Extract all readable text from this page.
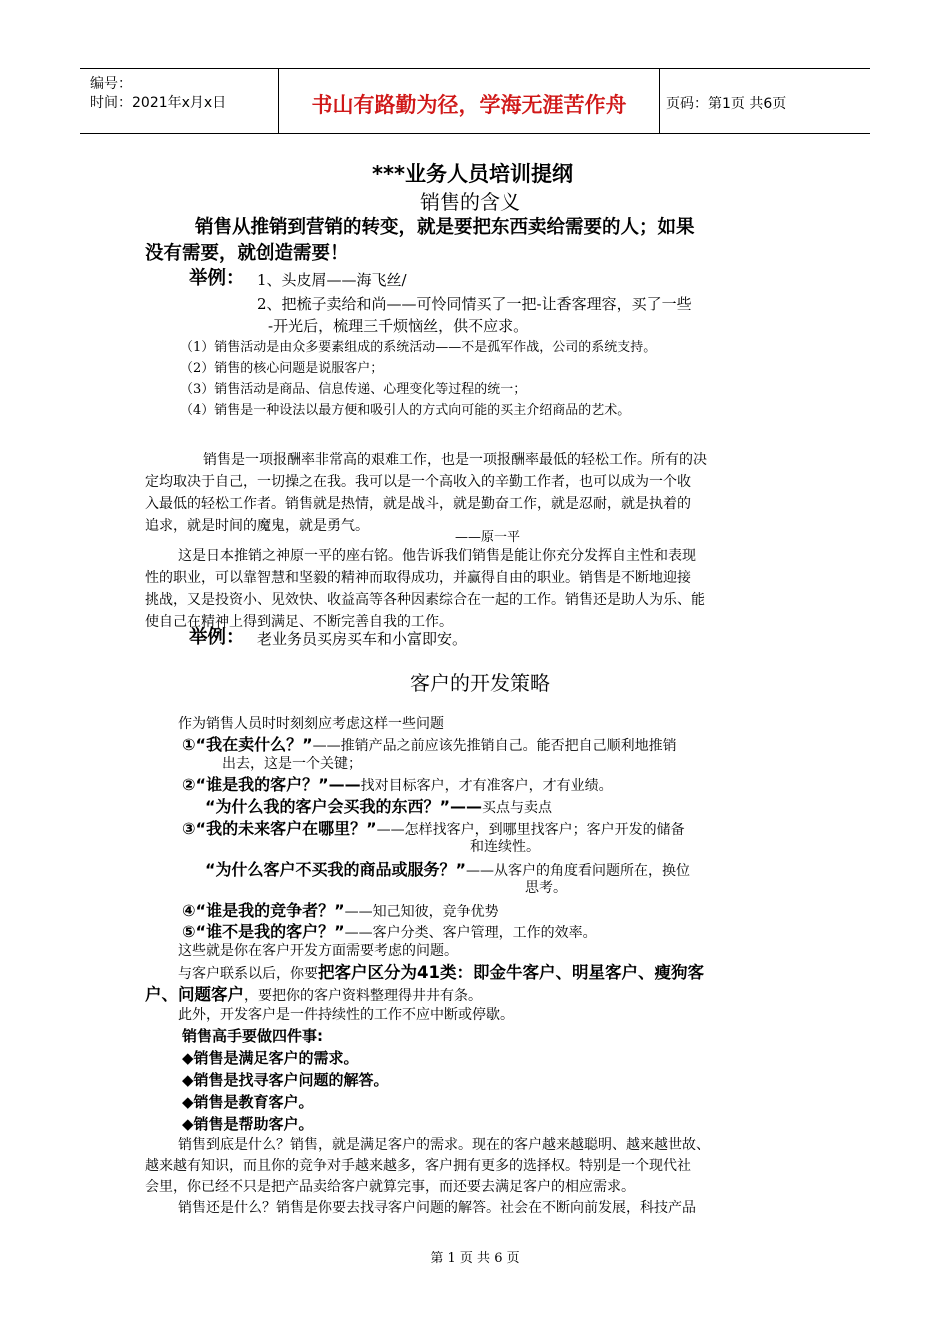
编号：
时间：2021年x月x日	书山有路勤为径，学海无涯苦作舟	页码：第1页 共6页
***业务人员培训提纲
销售的含义
销售从推销到营销的转变，就是要把东西卖给需要的人；如果
没有需要，就创造需要！
举例： 1、头皮屑——海飞丝/
2、把梳子卖给和尚——可怜同情买了一把-让香客理容，买了一些
-开光后，梳理三千烦恼丝，供不应求。
（1）销售活动是由众多要素组成的系统活动——不是孤军作战，公司的系统支持。
（2）销售的核心问题是说服客户；
（3）销售活动是商品、信息传递、心理变化等过程的统一；
（4）销售是一种设法以最方便和吸引人的方式向可能的买主介绍商品的艺术。
销售是一项报酬率非常高的艰难工作，也是一项报酬率最低的轻松工作。所有的决
定均取决于自己，一切操之在我。我可以是一个高收入的辛勤工作者，也可以成为一个收
入最低的轻松工作者。销售就是热情，就是战斗，就是勤奋工作，就是忍耐，就是执着的
追求，就是时间的魔鬼，就是勇气。
——原一平
这是日本推销之神原一平的座右铭。他告诉我们销售是能让你充分发挥自主性和表现
性的职业，可以靠智慧和坚毅的精神而取得成功，并赢得自由的职业。销售是不断地迎接
挑战，又是投资小、见效快、收益高等各种因素综合在一起的工作。销售还是助人为乐、能
使自己在精神上得到满足、不断完善自我的工作。
举例： 老业务员买房买车和小富即安。
客户的开发策略
作为销售人员时时刻刻应考虑这样一些问题
①“我在卖什么？”——推销产品之前应该先推销自己。能否把自己顺利地推销
出去，这是一个关键；
②“谁是我的客户？”——找对目标客户，才有准客户，才有业绩。
“为什么我的客户会买我的东西？”——买点与卖点
③“我的未来客户在哪里？”——怎样找客户，到哪里找客户；客户开发的储备
和连续性。
“为什么客户不买我的商品或服务？”——从客户的角度看问题所在，换位
思考。
④“谁是我的竞争者？”——知己知彼，竞争优势
⑤“谁不是我的客户？”——客户分类、客户管理，工作的效率。
这些就是你在客户开发方面需要考虑的问题。
与客户联系以后，你要把客户区分为41类：即金牛客户、明星客户、瘦狗客
户、问题客户，要把你的客户资料整理得井井有条。
此外，开发客户是一件持续性的工作不应中断或停歇。
销售高手要做四件事:
◆销售是满足客户的需求。
◆销售是找寻客户问题的解答。
◆销售是教育客户。
◆销售是帮助客户。
销售到底是什么？销售，就是满足客户的需求。现在的客户越来越聪明、越来越世故、
越来越有知识，而且你的竞争对手越来越多，客户拥有更多的选择权。特别是一个现代社
会里，你已经不只是把产品卖给客户就算完事，而还要去满足客户的相应需求。
销售还是什么？销售是你要去找寻客户问题的解答。社会在不断向前发展，科技产品
第 1 页 共 6 页
